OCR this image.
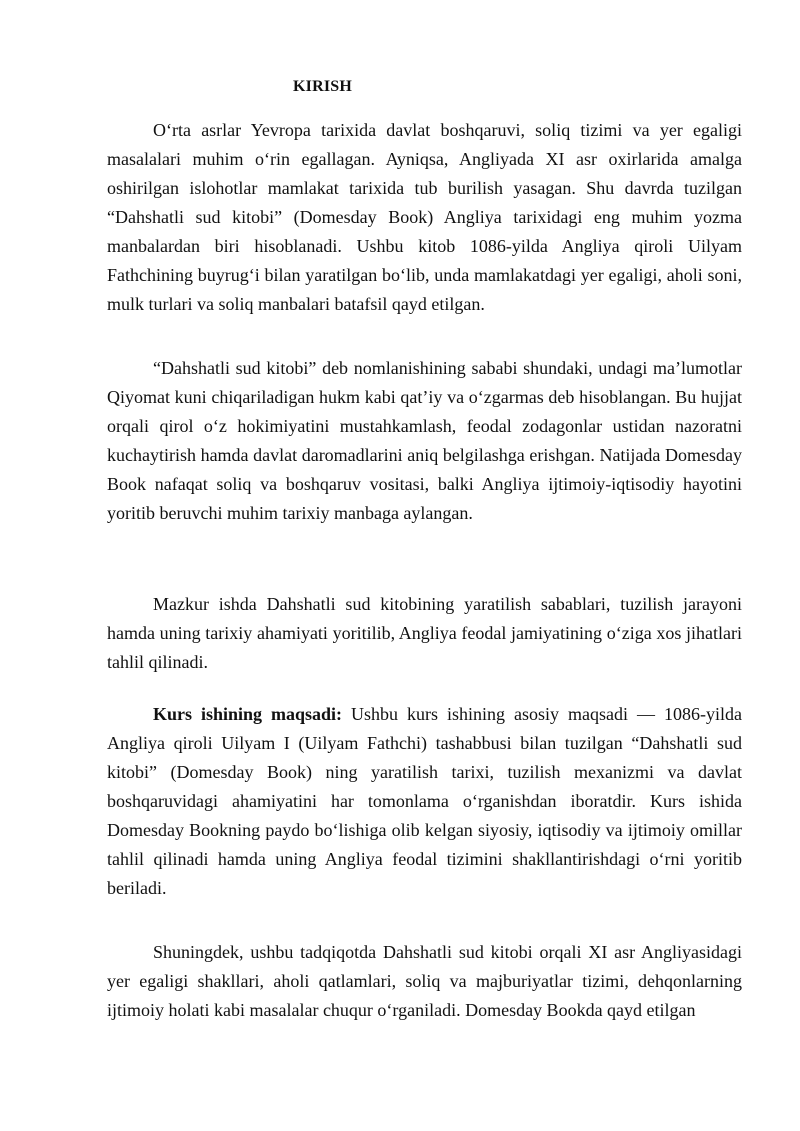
KIRISH

O‘rta asrlar Yevropa tarixida davlat boshqaruvi, soliq tizimi va yer egaligi masalalari muhim o‘rin egallagan. Ayniqsa, Angliyada XI asr oxirlarida amalga oshirilgan islohotlar mamlakat tarixida tub burilish yasagan. Shu davrda tuzilgan “Dahshatli sud kitobi” (Domesday Book) Angliya tarixidagi eng muhim yozma manbalardan biri hisoblanadi. Ushbu kitob 1086-yilda Angliya qiroli Uilyam Fathchining buyrug‘i bilan yaratilgan bo‘lib, unda mamlakatdagi yer egaligi, aholi soni, mulk turlari va soliq manbalari batafsil qayd etilgan.

“Dahshatli sud kitobi” deb nomlanishining sababi shundaki, undagi ma’lumotlar Qiyomat kuni chiqariladigan hukm kabi qat’iy va o‘zgarmas deb hisoblangan. Bu hujjat orqali qirol o‘z hokimiyatini mustahkamlash, feodal zodagonlar ustidan nazoratni kuchaytirish hamda davlat daromadlarini aniq belgilashga erishgan. Natijada Domesday Book nafaqat soliq va boshqaruv vositasi, balki Angliya ijtimoiy-iqtisodiy hayotini yoritib beruvchi muhim tarixiy manbaga aylangan.

Mazkur ishda Dahshatli sud kitobining yaratilish sabablari, tuzilish jarayoni hamda uning tarixiy ahamiyati yoritilib, Angliya feodal jamiyatining o‘ziga xos jihatlari tahlil qilinadi.

Kurs ishining maqsadi: Ushbu kurs ishining asosiy maqsadi — 1086-yilda Angliya qiroli Uilyam I (Uilyam Fathchi) tashabbusi bilan tuzilgan “Dahshatli sud kitobi” (Domesday Book) ning yaratilish tarixi, tuzilish mexanizmi va davlat boshqaruvidagi ahamiyatini har tomonlama o‘rganishdan iboratdir. Kurs ishida Domesday Bookning paydo bo‘lishiga olib kelgan siyosiy, iqtisodiy va ijtimoiy omillar tahlil qilinadi hamda uning Angliya feodal tizimini shakllantirishdagi o‘rni yoritib beriladi.

Shuningdek, ushbu tadqiqotda Dahshatli sud kitobi orqali XI asr Angliyasidagi yer egaligi shakllari, aholi qatlamlari, soliq va majburiyatlar tizimi, dehqonlarning ijtimoiy holati kabi masalalar chuqur o‘rganiladi. Domesday Bookda qayd etilgan
